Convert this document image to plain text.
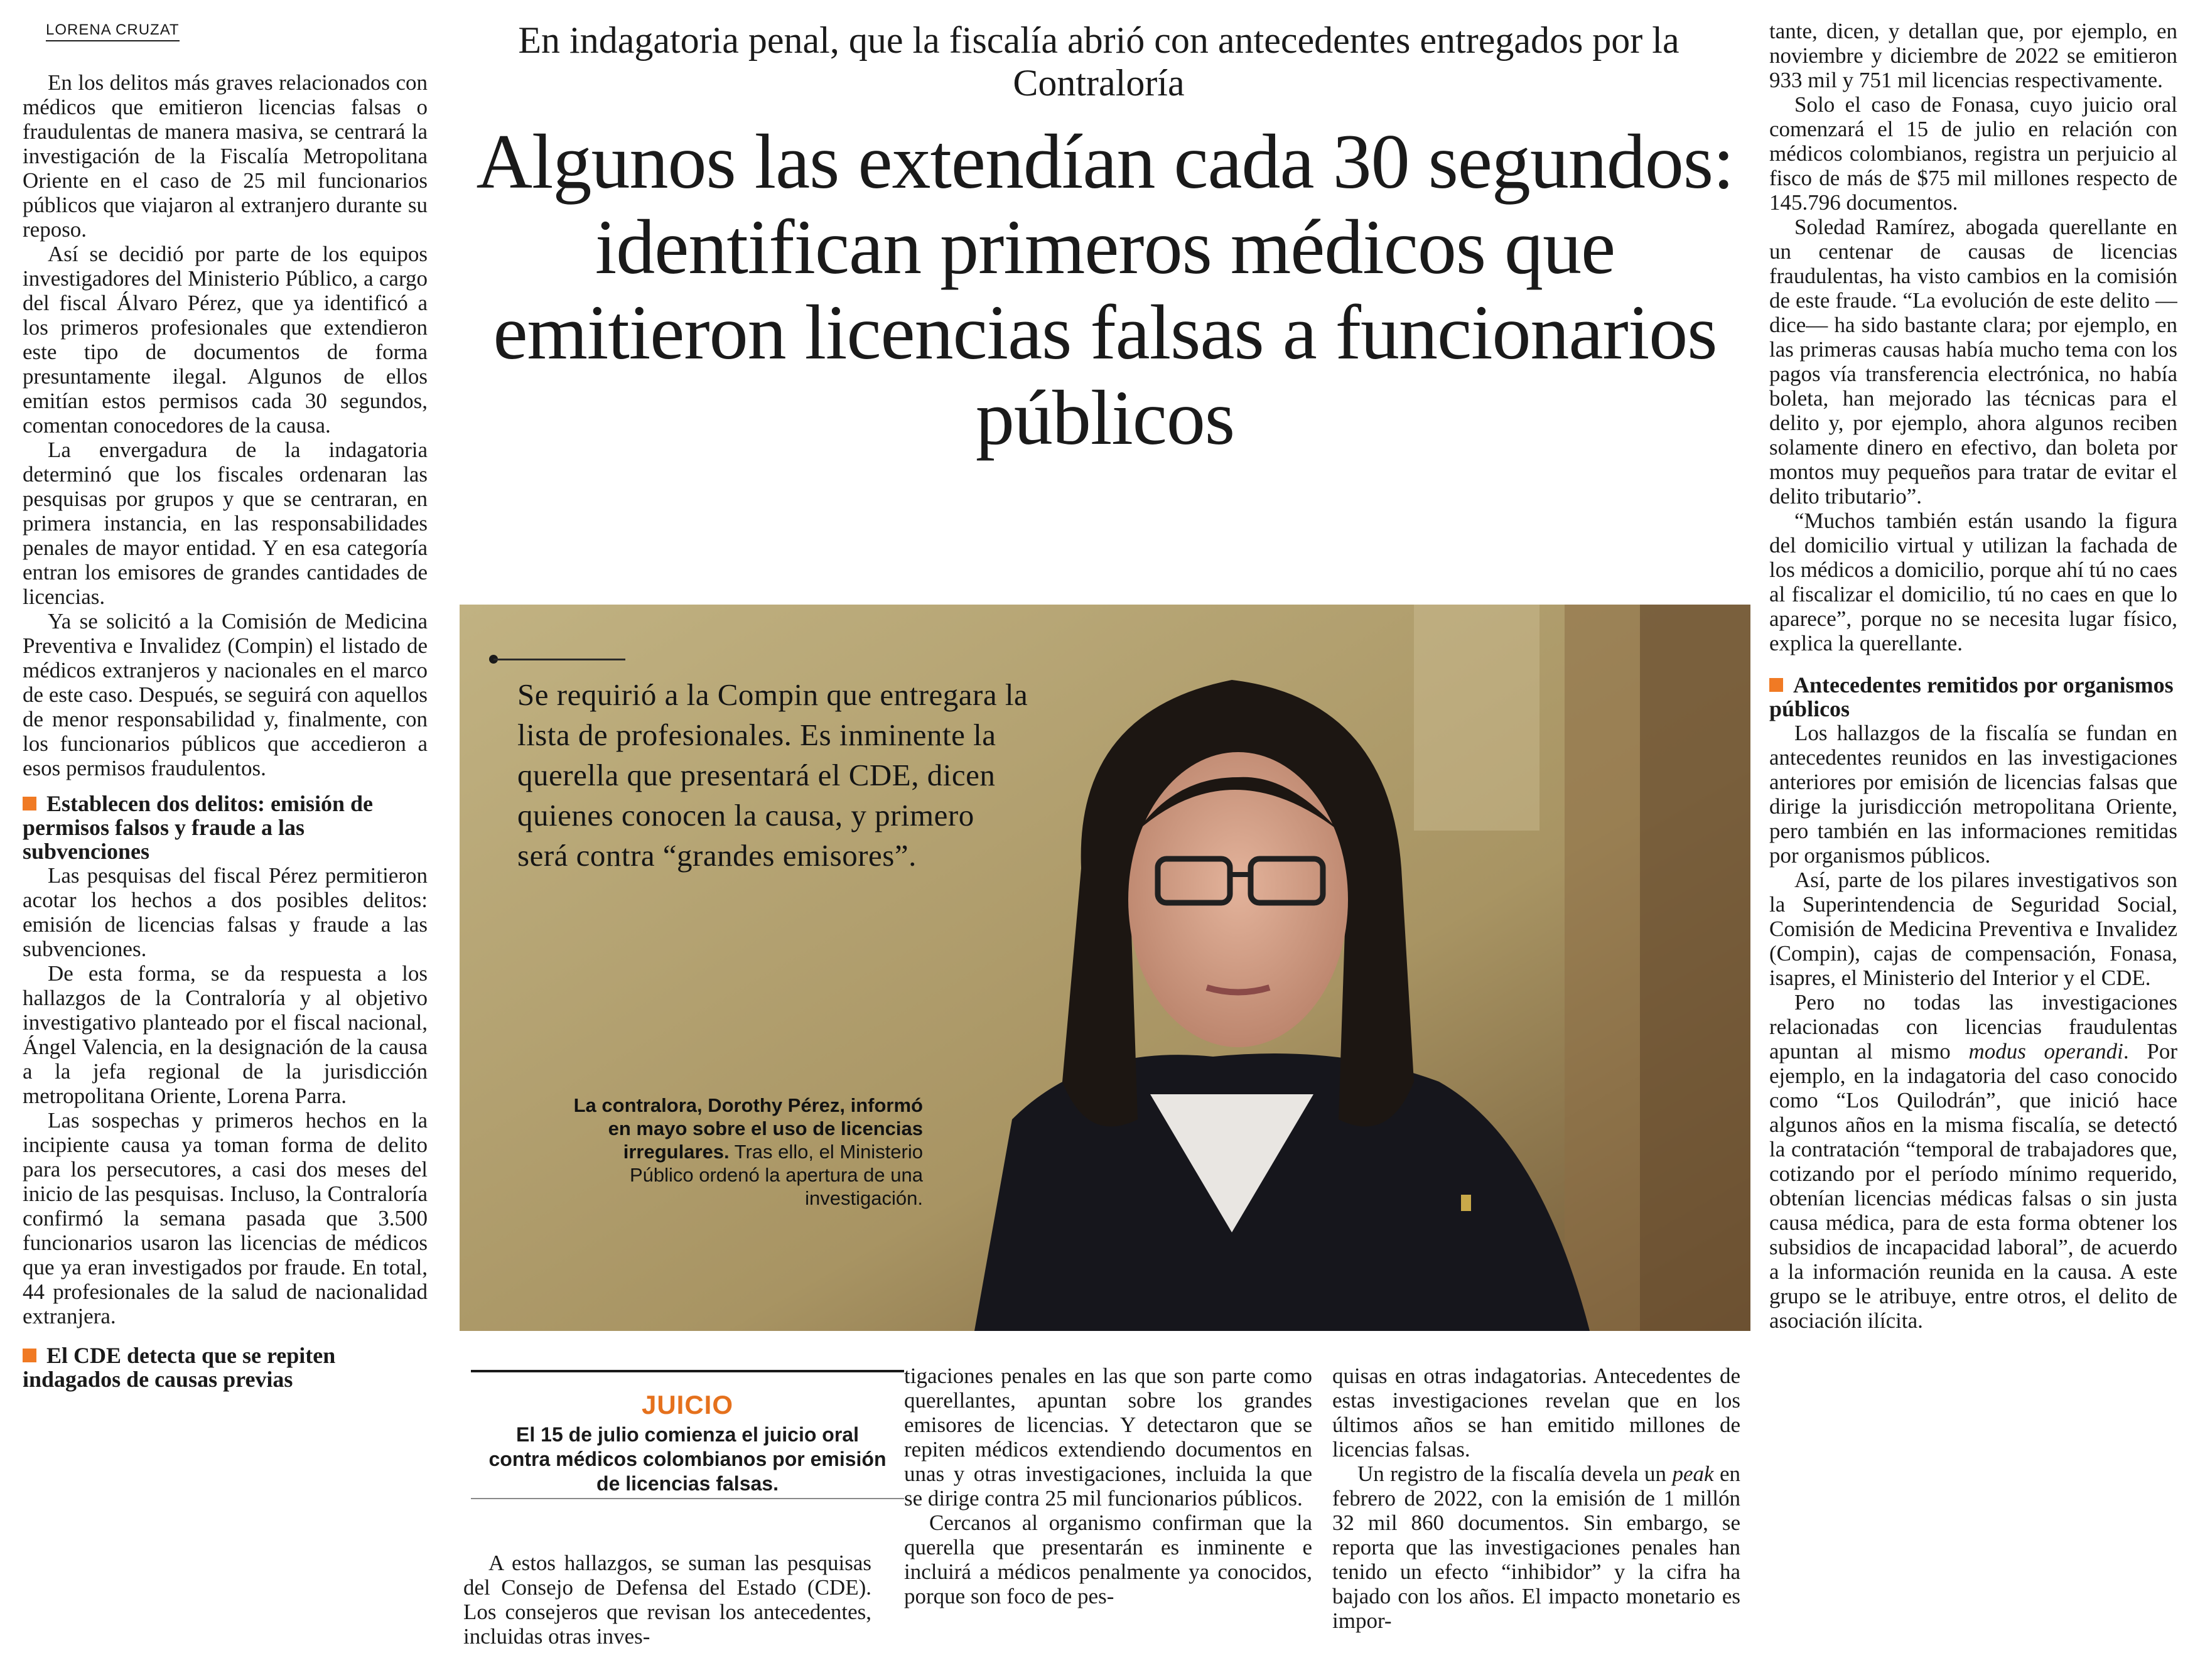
LORENA CRUZAT

En los delitos más graves relacionados con médicos que emitieron licencias falsas o fraudulentas de manera masiva, se centrará la investigación de la Fiscalía Metropolitana Oriente en el caso de 25 mil funcionarios públicos que viajaron al extranjero durante su reposo.

Así se decidió por parte de los equipos investigadores del Ministerio Público, a cargo del fiscal Álvaro Pérez, que ya identificó a los primeros profesionales que extendieron este tipo de documentos de forma presuntamente ilegal. Algunos de ellos emitían estos permisos cada 30 segundos, comentan conocedores de la causa.

La envergadura de la indagatoria determinó que los fiscales ordenaran las pesquisas por grupos y que se centraran, en primera instancia, en las responsabilidades penales de mayor entidad. Y en esa categoría entran los emisores de grandes cantidades de licencias.

Ya se solicitó a la Comisión de Medicina Preventiva e Invalidez (Compin) el listado de médicos extranjeros y nacionales en el marco de este caso. Después, se seguirá con aquellos de menor responsabilidad y, finalmente, con los funcionarios públicos que accedieron a esos permisos fraudulentos.

Establecen dos delitos: emisión de permisos falsos y fraude a las subvenciones

Las pesquisas del fiscal Pérez permitieron acotar los hechos a dos posibles delitos: emisión de licencias falsas y fraude a las subvenciones.

De esta forma, se da respuesta a los hallazgos de la Contraloría y al objetivo investigativo planteado por el fiscal nacional, Ángel Valencia, en la designación de la causa a la jefa regional de la jurisdicción metropolitana Oriente, Lorena Parra.

Las sospechas y primeros hechos en la incipiente causa ya toman forma de delito para los persecutores, a casi dos meses del inicio de las pesquisas. Incluso, la Contraloría confirmó la semana pasada que 3.500 funcionarios usaron las licencias de médicos que ya eran investigados por fraude. En total, 44 profesionales de la salud de nacionalidad extranjera.

El CDE detecta que se repiten indagados de causas previas
En indagatoria penal, que la fiscalía abrió con antecedentes entregados por la Contraloría
Algunos las extendían cada 30 segundos: identifican primeros médicos que emitieron licencias falsas a funcionarios públicos
Se requirió a la Compin que entregara la lista de profesionales. Es inminente la querella que presentará el CDE, dicen quienes conocen la causa, y primero será contra “grandes emisores”.
La contralora, Dorothy Pérez, informó en mayo sobre el uso de licencias irregulares. Tras ello, el Ministerio Público ordenó la apertura de una investigación.
JUICIO
El 15 de julio comienza el juicio oral contra médicos colombianos por emisión de licencias falsas.

A estos hallazgos, se suman las pesquisas del Consejo de Defensa del Estado (CDE). Los consejeros que revisan los antecedentes, incluidas otras inves-

tigaciones penales en las que son parte como querellantes, apuntan sobre los grandes emisores de licencias. Y detectaron que se repiten médicos extendiendo documentos en unas y otras investigaciones, incluida la que se dirige contra 25 mil funcionarios públicos.

Cercanos al organismo confirman que la querella que presentarán es inminente e incluirá a médicos penalmente ya conocidos, porque son foco de pes-

quisas en otras indagatorias. Antecedentes de estas investigaciones revelan que en los últimos años se han emitido millones de licencias falsas.

Un registro de la fiscalía devela un peak en febrero de 2022, con la emisión de 1 millón 32 mil 860 documentos. Sin embargo, se reporta que las investigaciones penales han tenido un efecto “inhibidor” y la cifra ha bajado con los años. El impacto monetario es impor-

tante, dicen, y detallan que, por ejemplo, en noviembre y diciembre de 2022 se emitieron 933 mil y 751 mil licencias respectivamente.

Solo el caso de Fonasa, cuyo juicio oral comenzará el 15 de julio en relación con médicos colombianos, registra un perjuicio al fisco de más de $75 mil millones respecto de 145.796 documentos.

Soledad Ramírez, abogada querellante en un centenar de causas de licencias fraudulentas, ha visto cambios en la comisión de este fraude. “La evolución de este delito —dice— ha sido bastante clara; por ejemplo, en las primeras causas había mucho tema con los pagos vía transferencia electrónica, no había boleta, han mejorado las técnicas para el delito y, por ejemplo, ahora algunos reciben solamente dinero en efectivo, dan boleta por montos muy pequeños para tratar de evitar el delito tributario”.

“Muchos también están usando la figura del domicilio virtual y utilizan la fachada de los médicos a domicilio, porque ahí tú no caes al fiscalizar el domicilio, tú no caes en que lo aparece”, porque no se necesita lugar físico, explica la querellante.

Antecedentes remitidos por organismos públicos

Los hallazgos de la fiscalía se fundan en antecedentes reunidos en las investigaciones anteriores por emisión de licencias falsas que dirige la jurisdicción metropolitana Oriente, pero también en las informaciones remitidas por organismos públicos.

Así, parte de los pilares investigativos son la Superintendencia de Seguridad Social, Comisión de Medicina Preventiva e Invalidez (Compin), cajas de compensación, Fonasa, isapres, el Ministerio del Interior y el CDE.

Pero no todas las investigaciones relacionadas con licencias fraudulentas apuntan al mismo modus operandi. Por ejemplo, en la indagatoria del caso conocido como “Los Quilodrán”, que inició hace algunos años en la misma fiscalía, se detectó la contratación “temporal de trabajadores que, cotizando por el período mínimo requerido, obtenían licencias médicas falsas o sin justa causa médica, para de esta forma obtener los subsidios de incapacidad laboral”, de acuerdo a la información reunida en la causa. A este grupo se le atribuye, entre otros, el delito de asociación ilícita.
